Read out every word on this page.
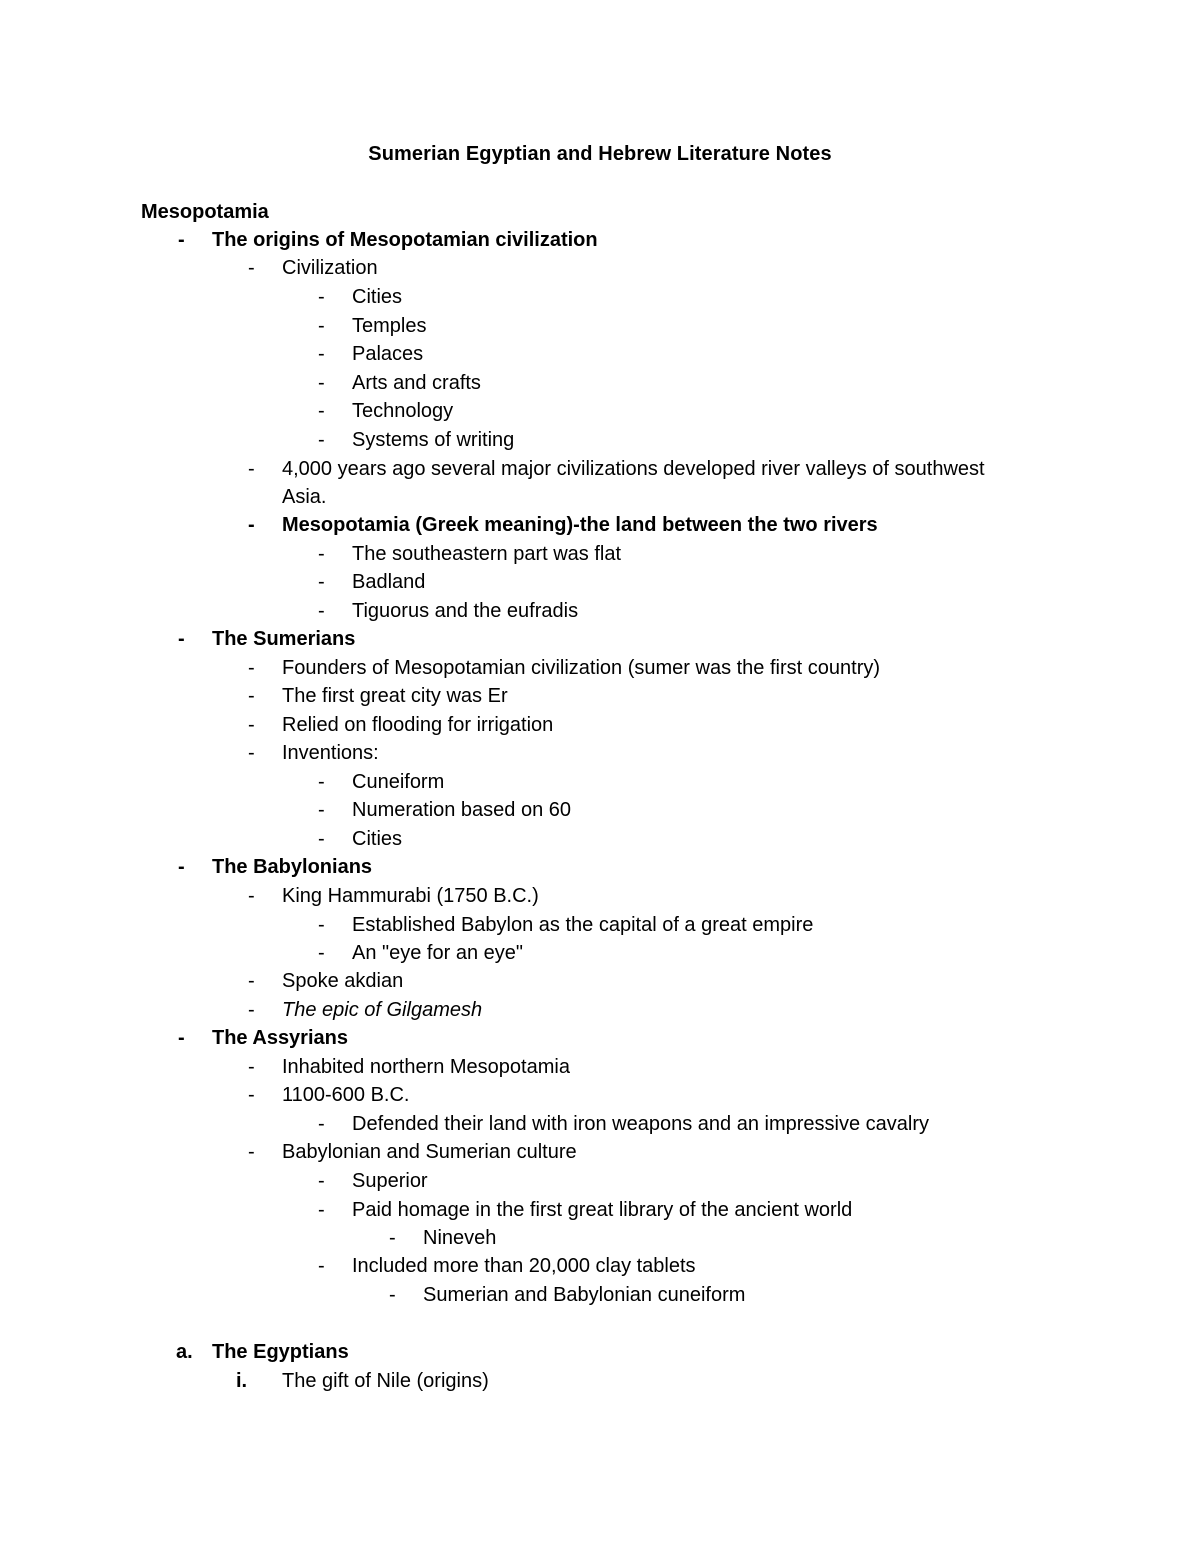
Sumerian Egyptian and Hebrew Literature Notes
Mesopotamia
- The origins of Mesopotamian civilization
- Civilization
- Cities
- Temples
- Palaces
- Arts and crafts
- Technology
- Systems of writing
- 4,000 years ago several major civilizations developed river valleys of southwest
Asia.
- Mesopotamia (Greek meaning)-the land between the two rivers
- The southeastern part was flat
- Badland
- Tiguorus and the eufradis
- The Sumerians
- Founders of Mesopotamian civilization (sumer was the first country)
- The first great city was Er
- Relied on flooding for irrigation
- Inventions:
- Cuneiform
- Numeration based on 60
- Cities
- The Babylonians
- King Hammurabi (1750 B.C.)
- Established Babylon as the capital of a great empire
- An "eye for an eye"
- Spoke akdian
- The epic of Gilgamesh
- The Assyrians
- Inhabited northern Mesopotamia
- 1100-600 B.C.
- Defended their land with iron weapons and an impressive cavalry
- Babylonian and Sumerian culture
- Superior
- Paid homage in the first great library of the ancient world
- Nineveh
- Included more than 20,000 clay tablets
- Sumerian and Babylonian cuneiform
a. The Egyptians
i. The gift of Nile (origins)
